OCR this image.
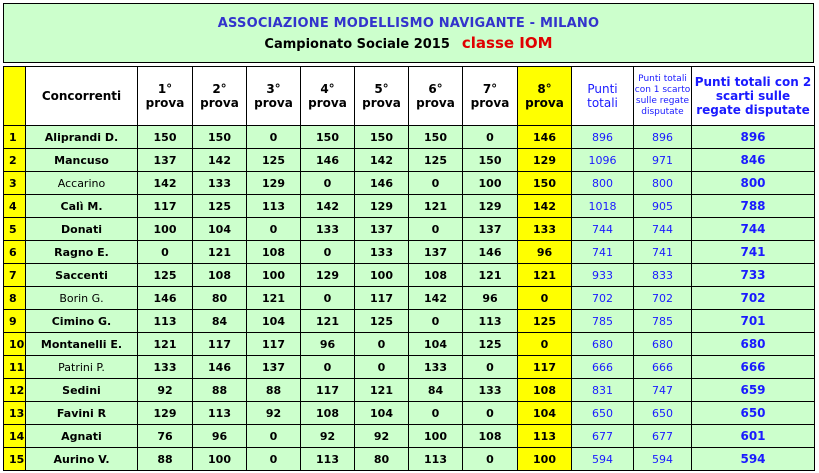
ASSOCIAZIONE MODELLISMO NAVIGANTE - MILANO
Campionato Sociale 2015 classe IOM
	Concorrenti	1° prova	2° prova	3° prova	4° prova	5° prova	6° prova	7° prova	8° prova	Punti totali	Punti totali con 1 scarto sulle regate disputate	Punti totali con 2 scarti sulle regate disputate
1	Aliprandi D.	150	150	0	150	150	150	0	146	896	896	896
2	Mancuso	137	142	125	146	142	125	150	129	1096	971	846
3	Accarino	142	133	129	0	146	0	100	150	800	800	800
4	Calì M.	117	125	113	142	129	121	129	142	1018	905	788
5	Donati	100	104	0	133	137	0	137	133	744	744	744
6	Ragno E.	0	121	108	0	133	137	146	96	741	741	741
7	Saccenti	125	108	100	129	100	108	121	121	933	833	733
8	Borin G.	146	80	121	0	117	142	96	0	702	702	702
9	Cimino G.	113	84	104	121	125	0	113	125	785	785	701
10	Montanelli E.	121	117	117	96	0	104	125	0	680	680	680
11	Patrini P.	133	146	137	0	0	133	0	117	666	666	666
12	Sedini	92	88	88	117	121	84	133	108	831	747	659
13	Favini R	129	113	92	108	104	0	0	104	650	650	650
14	Agnati	76	96	0	92	92	100	108	113	677	677	601
15	Aurino V.	88	100	0	113	80	113	0	100	594	594	594
